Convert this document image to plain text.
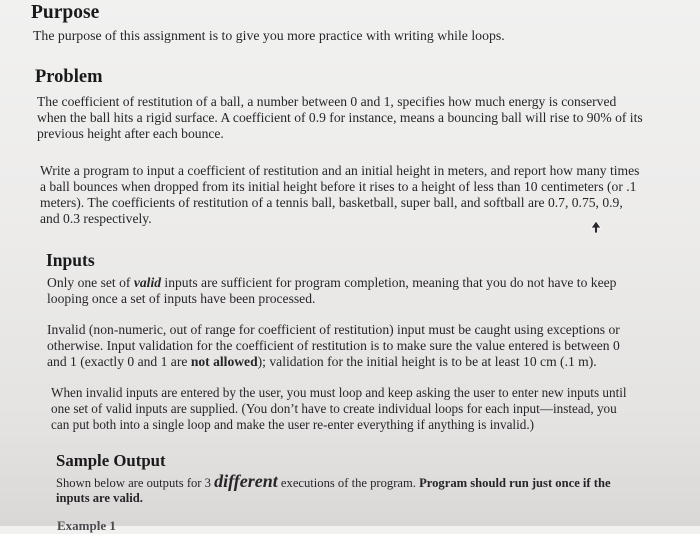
Purpose

The purpose of this assignment is to give you more practice with writing while loops.

Problem

The coefficient of restitution of a ball, a number between 0 and 1, specifies how much energy is conserved when the ball hits a rigid surface. A coefficient of 0.9 for instance, means a bouncing ball will rise to 90% of its previous height after each bounce.

Write a program to input a coefficient of restitution and an initial height in meters, and report how many times a ball bounces when dropped from its initial height before it rises to a height of less than 10 centimeters (or .1 meters). The coefficients of restitution of a tennis ball, basketball, super ball, and softball are 0.7, 0.75, 0.9, and 0.3 respectively.

Inputs

Only one set of valid inputs are sufficient for program completion, meaning that you do not have to keep looping once a set of inputs have been processed.

Invalid (non-numeric, out of range for coefficient of restitution) input must be caught using exceptions or otherwise. Input validation for the coefficient of restitution is to make sure the value entered is between 0 and 1 (exactly 0 and 1 are not allowed); validation for the initial height is to be at least 10 cm (.1 m).

When invalid inputs are entered by the user, you must loop and keep asking the user to enter new inputs until one set of valid inputs are supplied. (You don’t have to create individual loops for each input—instead, you can put both into a single loop and make the user re-enter everything if anything is invalid.)

Sample Output

Shown below are outputs for 3 different executions of the program. Program should run just once if the inputs are valid.

Example 1
